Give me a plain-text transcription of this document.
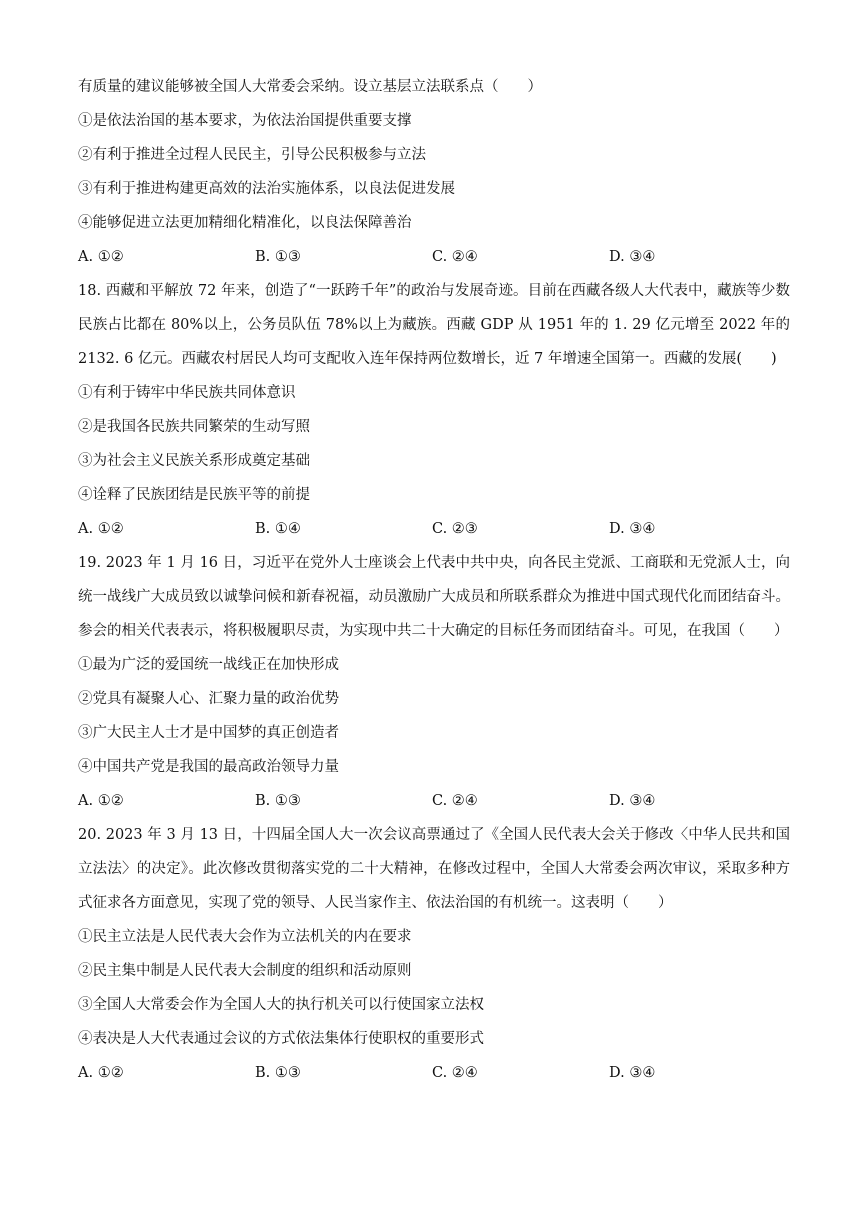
有质量的建议能够被全国人大常委会采纳。设立基层立法联系点（　　）
①是依法治国的基本要求，为依法治国提供重要支撑
②有利于推进全过程人民民主，引导公民积极参与立法
③有利于推进构建更高效的法治实施体系，以良法促进发展
④能够促进立法更加精细化精准化，以良法保障善治
A. ①②	B. ①③	C. ②④	D. ③④
18. 西藏和平解放 72 年来，创造了“一跃跨千年”的政治与发展奇迹。目前在西藏各级人大代表中，藏族等少数民族占比都在 80%以上，公务员队伍 78%以上为藏族。西藏 GDP 从 1951 年的 1. 29 亿元增至 2022 年的 2132. 6 亿元。西藏农村居民人均可支配收入连年保持两位数增长，近 7 年增速全国第一。西藏的发展(　　)
①有利于铸牢中华民族共同体意识
②是我国各民族共同繁荣的生动写照
③为社会主义民族关系形成奠定基础
④诠释了民族团结是民族平等的前提
A. ①②	B. ①④	C. ②③	D. ③④
19. 2023 年 1 月 16 日，习近平在党外人士座谈会上代表中共中央，向各民主党派、工商联和无党派人士，向统一战线广大成员致以诚挚问候和新春祝福，动员激励广大成员和所联系群众为推进中国式现代化而团结奋斗。参会的相关代表表示，将积极履职尽责，为实现中共二十大确定的目标任务而团结奋斗。可见，在我国（　　）
①最为广泛的爱国统一战线正在加快形成
②党具有凝聚人心、汇聚力量的政治优势
③广大民主人士才是中国梦的真正创造者
④中国共产党是我国的最高政治领导力量
A. ①②	B. ①③	C. ②④	D. ③④
20. 2023 年 3 月 13 日，十四届全国人大一次会议高票通过了《全国人民代表大会关于修改〈中华人民共和国立法法〉的决定》。此次修改贯彻落实党的二十大精神，在修改过程中，全国人大常委会两次审议，采取多种方式征求各方面意见，实现了党的领导、人民当家作主、依法治国的有机统一。这表明（　　）
①民主立法是人民代表大会作为立法机关的内在要求
②民主集中制是人民代表大会制度的组织和活动原则
③全国人大常委会作为全国人大的执行机关可以行使国家立法权
④表决是人大代表通过会议的方式依法集体行使职权的重要形式
A. ①②	B. ①③	C. ②④	D. ③④
